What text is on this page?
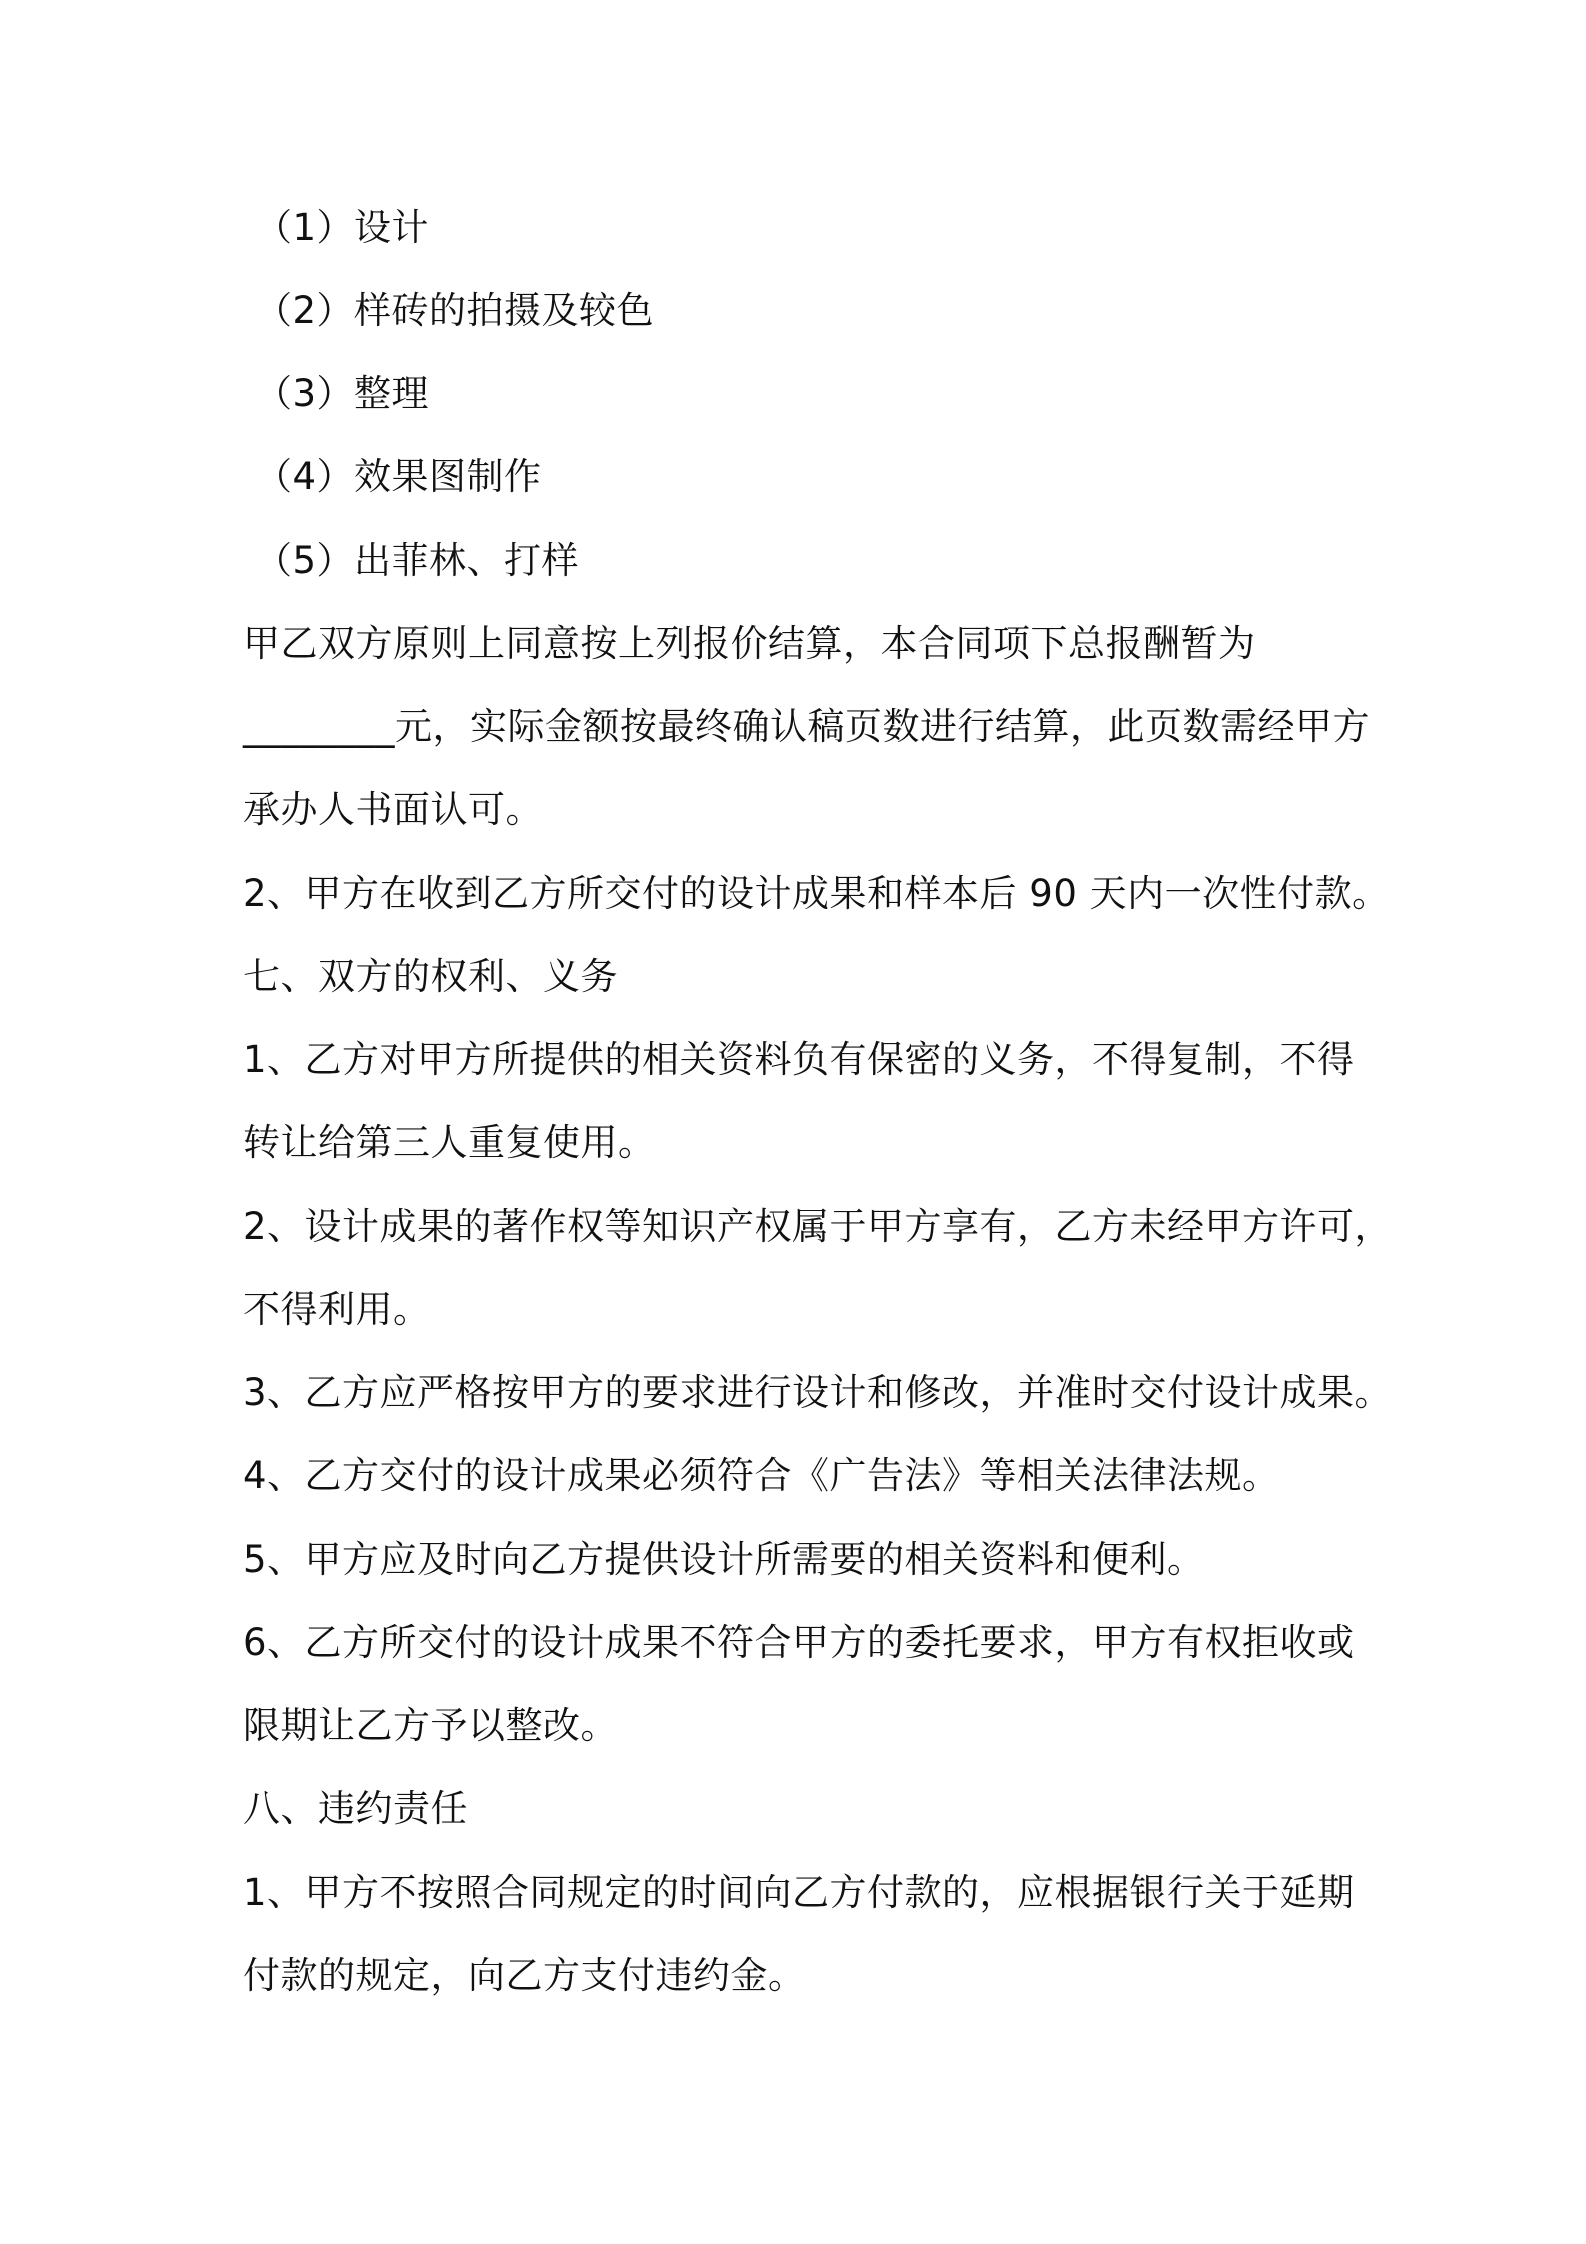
（1）设计
（2）样砖的拍摄及较色
（3）整理
（4）效果图制作
（5）出菲林、打样
甲乙双方原则上同意按上列报价结算，本合同项下总报酬暂为
________元，实际金额按最终确认稿页数进行结算，此页数需经甲方
承办人书面认可。
2、甲方在收到乙方所交付的设计成果和样本后 90 天内一次性付款。
七、双方的权利、义务
1、乙方对甲方所提供的相关资料负有保密的义务，不得复制，不得
转让给第三人重复使用。
2、设计成果的著作权等知识产权属于甲方享有，乙方未经甲方许可，
不得利用。
3、乙方应严格按甲方的要求进行设计和修改，并准时交付设计成果。
4、乙方交付的设计成果必须符合《广告法》等相关法律法规。
5、甲方应及时向乙方提供设计所需要的相关资料和便利。
6、乙方所交付的设计成果不符合甲方的委托要求，甲方有权拒收或
限期让乙方予以整改。
八、违约责任
1、甲方不按照合同规定的时间向乙方付款的，应根据银行关于延期
付款的规定，向乙方支付违约金。
